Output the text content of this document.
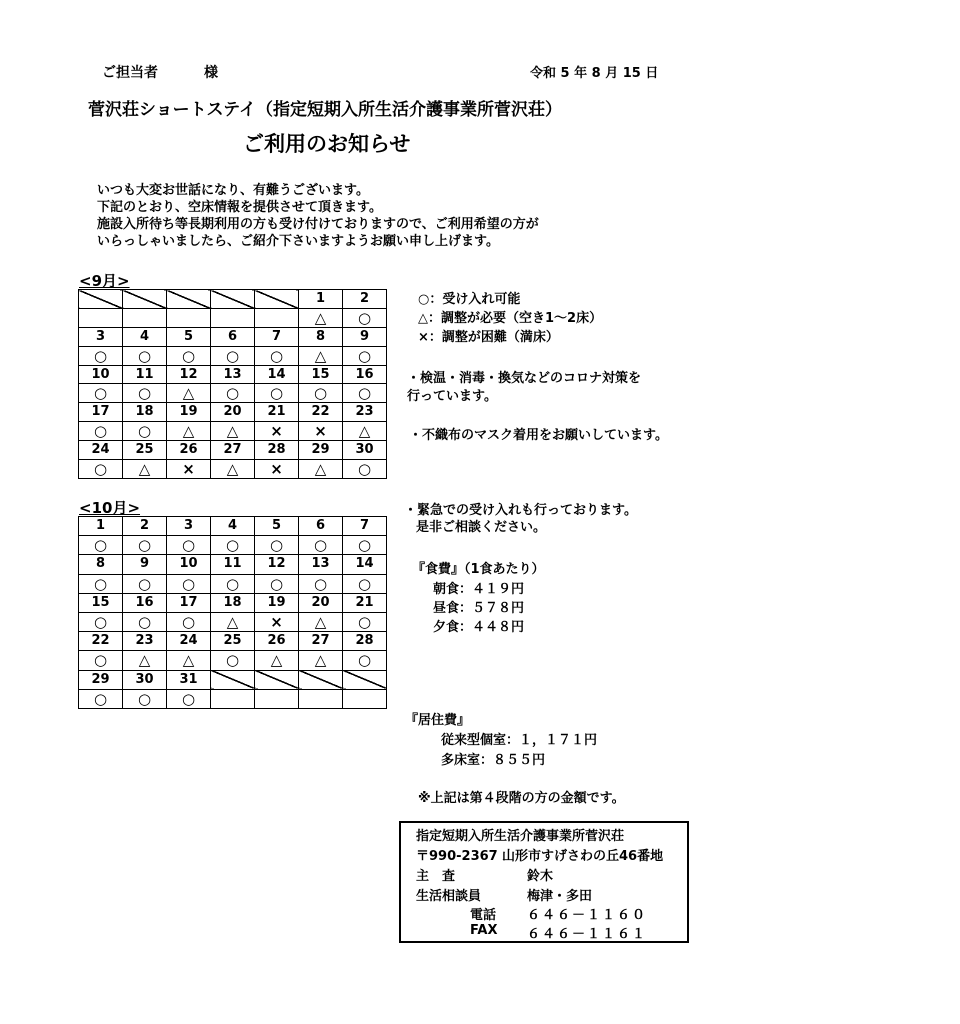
ご担当者	様	令和 5 年 8 月 15 日
菅沢荘ショートステイ（指定短期入所生活介護事業所菅沢荘）
ご利用のお知らせ
いつも大変お世話になり、有難うございます。
下記のとおり、空床情報を提供させて頂きます。
施設入所待ち等長期利用の方も受け付けておりますので、ご利用希望の方が
いらっしゃいましたら、ご紹介下さいますようお願い申し上げます。
<9月>
					1	2
					△	○
3	4	5	6	7	8	9
○	○	○	○	○	△	○
10	11	12	13	14	15	16
○	○	△	○	○	○	○
17	18	19	20	21	22	23
○	○	△	△	×	×	△
24	25	26	27	28	29	30
○	△	×	△	×	△	○
<10月>
1	2	3	4	5	6	7
○	○	○	○	○	○	○
8	9	10	11	12	13	14
○	○	○	○	○	○	○
15	16	17	18	19	20	21
○	○	○	△	×	△	○
22	23	24	25	26	27	28
○	△	△	○	△	△	○
29	30	31				
○	○	○				
○：受け入れ可能
△：調整が必要（空き1～2床）
×：調整が困難（満床）
・検温・消毒・換気などのコロナ対策を
行っています。
・不織布のマスク着用をお願いしています。
・緊急での受け入れも行っております。
是非ご相談ください。
『食費』（1食あたり）
朝食：４１９円
昼食：５７８円
夕食：４４８円
『居住費』
従来型個室：１，１７１円
多床室：８５５円
※上記は第４段階の方の金額です。
指定短期入所生活介護事業所菅沢荘
〒990-2367 山形市すげさわの丘46番地
主　査	鈴木
生活相談員	梅津・多田
電話 ６４６－１１６０
FAX ６４６－１１６１
